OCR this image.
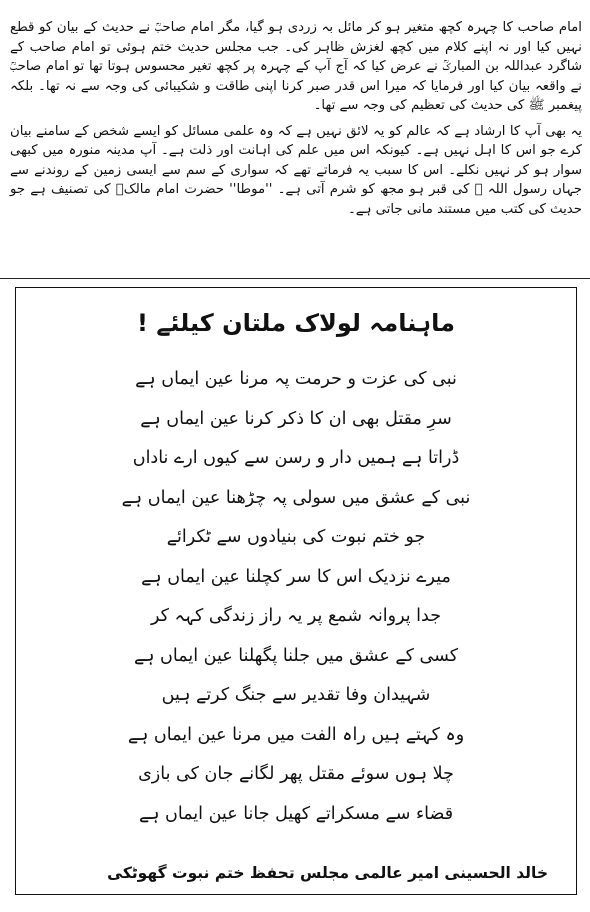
امام صاحب کا چہرہ کچھ متغیر ہو کر مائل بہ زردی ہو گیا، مگر امام صاحبؒ نے حدیث کے بیان کو قطع نہیں کیا اور نہ اپنے کلام میں کچھ لغزش ظاہر کی۔ جب مجلس حدیث ختم ہوئی تو امام صاحب کے شاگرد عبداللہ بن المبارکؒ نے عرض کیا کہ آج آپ کے چہرہ پر کچھ تغیر محسوس ہوتا تھا تو امام صاحبؒ نے واقعہ بیان کیا اور فرمایا کہ میرا اس قدر صبر کرنا اپنی طاقت و شکیبائی کی وجہ سے نہ تھا۔ بلکہ پیغمبر ﷺ کی حدیث کی تعظیم کی وجہ سے تھا۔

یہ بھی آپ کا ارشاد ہے کہ عالم کو یہ لائق نہیں ہے کہ وہ علمی مسائل کو ایسے شخص کے سامنے بیان کرے جو اس کا اہل نہیں ہے۔ کیونکہ اس میں علم کی اہانت اور ذلت ہے۔ آپ مدینہ منورہ میں کبھی سوار ہو کر نہیں نکلے۔ اس کا سبب یہ فرماتے تھے کہ سواری کے سم سے ایسی زمین کے روندنے سے جہاں رسول اللہ ﷺ کی قبر ہو مجھ کو شرم آتی ہے۔ ''موطا'' حضرت امام مالکؒ کی تصنیف ہے جو حدیث کی کتب میں مستند مانی جاتی ہے۔

ماہنامہ لولاک ملتان کیلئے !
نبی کی عزت و حرمت پہ مرنا عین ایماں ہے
سرِ مقتل بھی ان کا ذکر کرنا عین ایماں ہے
ڈراتا ہے ہمیں دار و رسن سے کیوں ارے ناداں
نبی کے عشق میں سولی پہ چڑھنا عین ایماں ہے
جو ختم نبوت کی بنیادوں سے ٹکرائے
میرے نزدیک اس کا سر کچلنا عین ایماں ہے
جدا پروانہ شمع پر یہ راز زندگی کہہ کر
کسی کے عشق میں جلنا پگھلنا عین ایماں ہے
شہیدان وفا تقدیر سے جنگ کرتے ہیں
وہ کہتے ہیں راہ الفت میں مرنا عین ایماں ہے
چلا ہوں سوئے مقتل پھر لگانے جان کی بازی
قضاء سے مسکراتے کھیل جانا عین ایماں ہے
خالد الحسینی امیر عالمی مجلس تحفظ ختم نبوت گھوٹکی
